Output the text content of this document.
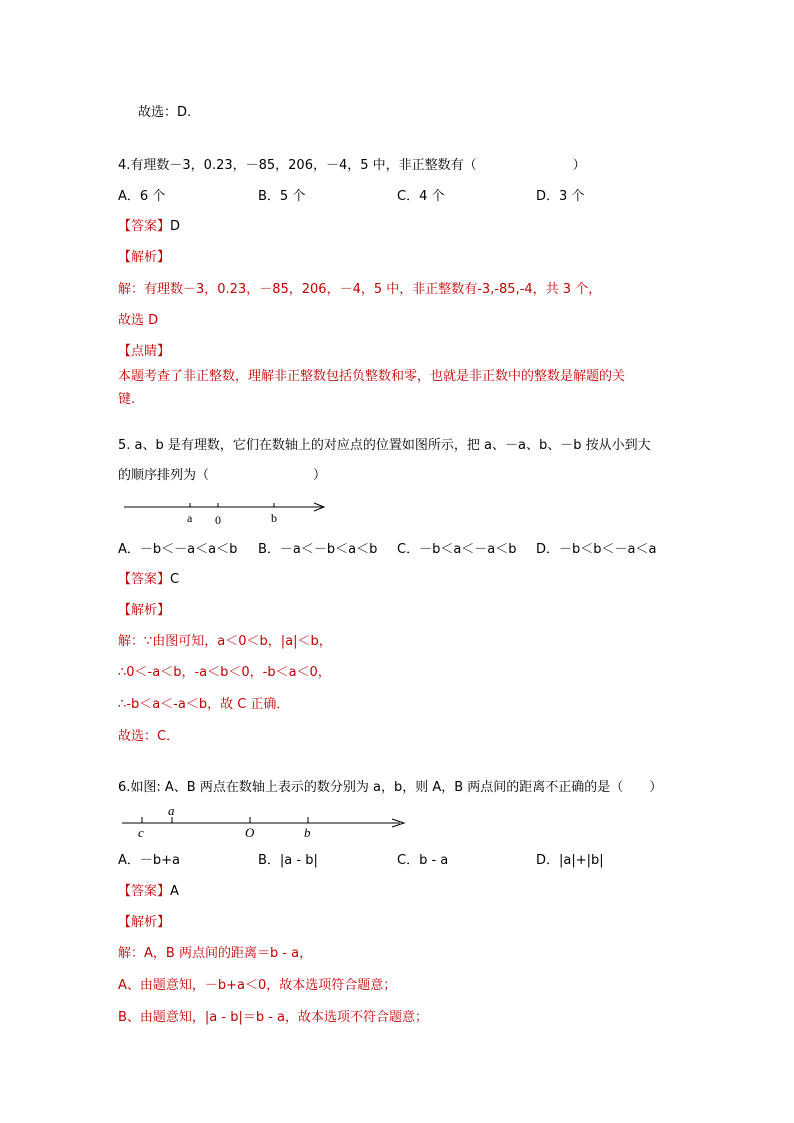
故选：D.
4.有理数－3，0.23，－85，206，－4，5 中，非正整数有（	）
A．6 个	B．5 个	C．4 个	D．3 个
【答案】D
【解析】
解：有理数－3，0.23，－85，206，－4，5 中，非正整数有-3,-85,-4，共 3 个，
故选 D
【点睛】
本题考查了非正整数，理解非正整数包括负整数和零，也就是非正数中的整数是解题的关
键.
5. a、b 是有理数，它们在数轴上的对应点的位置如图所示，把 a、－a、b、－b 按从小到大
的顺序排列为（	）
a 0	b
A．－b＜－a＜a＜b B．－a＜－b＜a＜b C．－b＜a＜－a＜b D．－b＜b＜－a＜a
【答案】C
【解析】
解：∵由图可知，a＜0＜b，|a|＜b，
∴0＜-a＜b，-a＜b＜0，-b＜a＜0，
∴-b＜a＜-a＜b，故 C 正确．
故选：C．
6.如图: A、B 两点在数轴上表示的数分别为 a，b，则 A，B 两点间的距离不正确的是（　　）
c
a
O	b
A．－b+a	B．|a - b|	C．b - a	D．|a|+|b|
【答案】A
【解析】
解：A，B 两点间的距离＝b - a，
A、由题意知，－b+a＜0，故本选项符合题意；
B、由题意知，|a - b|＝b - a，故本选项不符合题意；
